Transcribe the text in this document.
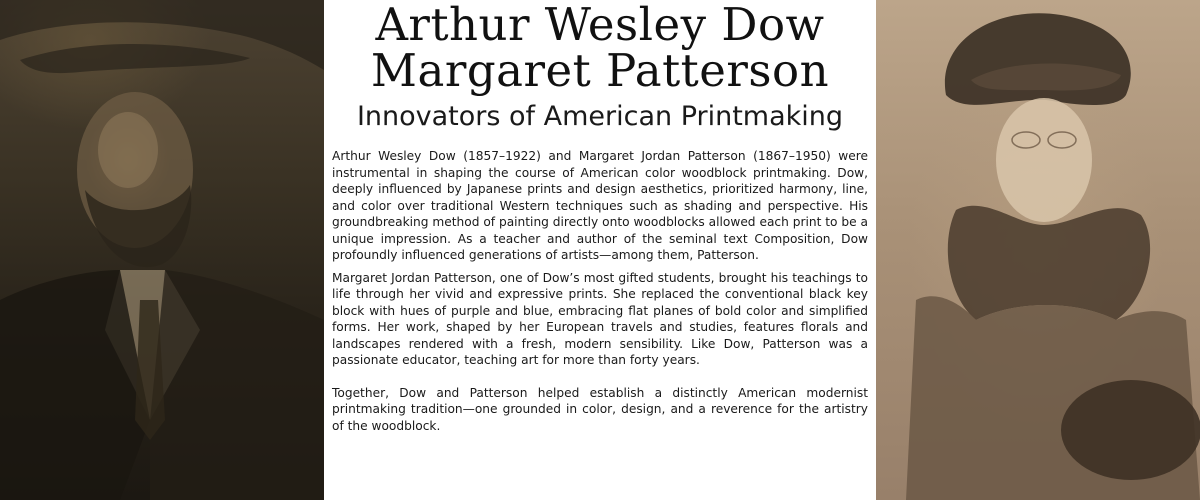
Arthur Wesley Dow
Margaret Patterson
Innovators of American Printmaking

Arthur Wesley Dow (1857–1922) and Margaret Jordan Patterson (1867–1950) were instrumental in shaping the course of American color woodblock printmaking. Dow, deeply influenced by Japanese prints and design aesthetics, prioritized harmony, line, and color over traditional Western techniques such as shading and perspective. His groundbreaking method of painting directly onto woodblocks allowed each print to be a unique impression. As a teacher and author of the seminal text Composition, Dow profoundly influenced generations of artists—among them, Patterson.

Margaret Jordan Patterson, one of Dow’s most gifted students, brought his teachings to life through her vivid and expressive prints. She replaced the conventional black key block with hues of purple and blue, embracing flat planes of bold color and simplified forms. Her work, shaped by her European travels and studies, features florals and landscapes rendered with a fresh, modern sensibility. Like Dow, Patterson was a passionate educator, teaching art for more than forty years.

Together, Dow and Patterson helped establish a distinctly American modernist printmaking tradition—one grounded in color, design, and a reverence for the artistry of the woodblock.
